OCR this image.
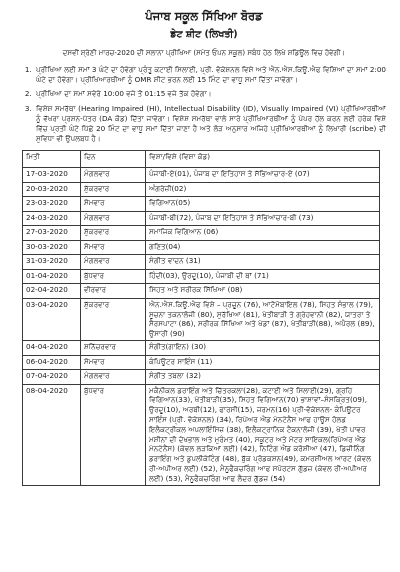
ਪੰਜਾਬ ਸਕੂਲ ਸਿੱਖਿਆ ਬੋਰਡ
ਡੇਟ ਸ਼ੀਟ (ਲਿਖਤੀ)
ਦਸਵੀਂ ਸ਼੍ਰੇਣੀ ਮਾਰਚ-2020 ਦੀ ਸਲਾਨਾ ਪ੍ਰੀਖਿਆ (ਸਮੇਤ ਓਪਨ ਸਕੂਲ) ਸਬੰਧ ਹੇਠ ਲਿਖੇ ਸ਼ਡਿਊਲ ਵਿਚ ਹੋਵੇਗੀ।
1. ਪ੍ਰੀਖਿਆ ਲਈ ਸਮਾਂ 3 ਘੰਟੇ ਦਾ ਹੋਵੇਗਾ ਪ੍ਰੰਤੂ ਕਟਾਈ ਸਿਲਾਈ, ਪ੍ਰੀ. ਵੋਕੇਸ਼ਨਲ ਵਿਸ਼ੇ ਅਤੇ ਐਨ.ਐਸ.ਕਿਊ.ਐਫ ਵਿਸ਼ਿਆਂ ਦਾ ਸਮਾਂ 2:00 ਘੰਟੇ ਦਾ ਹੋਵੇਗਾ। ਪ੍ਰੀਖਿਆਰਥੀਆਂ ਨੂੰ OMR ਸ਼ੀਟ ਭਰਨ ਲਈ 15 ਮਿੰਟ ਦਾ ਵਾਧੂ ਸਮਾਂ ਦਿੱਤਾ ਜਾਵੇਗਾ।
2. ਪ੍ਰੀਖਿਆ ਦਾ ਸਮਾਂ ਸਵੇਰੇ 10:00 ਵਜੇ ਤੋਂ 01:15 ਵਜੇ ਤੱਕ ਹੋਵੇਗਾ।
3. ਵਿਸ਼ੇਸ਼ ਸਮਰੱਥਾ (Hearing Impaired (HI), Intellectual Disability (ID), Visually Impaired (VI) ਪ੍ਰੀਖਿਆਰਥੀਆਂ ਨੂੰ ਵੱਖਰਾ ਪ੍ਰਸ਼ਨ-ਪੱਤਰ (DA ਕੋਡ) ਦਿੱਤਾ ਜਾਵੇਗਾ। ਵਿਸ਼ੇਸ਼ ਸਮਰੱਥਾ ਵਾਲੇ ਸਾਰੇ ਪ੍ਰੀਖਿਆਰਥੀਆਂ ਨੂੰ ਪੇਪਰ ਹੱਲ ਕਰਨ ਲਈ ਹਰੇਕ ਵਿਸ਼ੇ ਵਿੱਚ ਪ੍ਰਤੀ ਘੰਟੇ ਪਿੱਛੇ 20 ਮਿੰਟ ਦਾ ਵਾਧੂ ਸਮਾਂ ਦਿੱਤਾ ਜਾਣਾ ਹੈ ਅਤੇ ਲੋੜ ਅਨੁਸਾਰ ਅਜਿਹੇ ਪ੍ਰੀਖਿਆਰਥੀਆਂ ਨੂੰ ਲਿਖਾਰੀ (scribe) ਦੀ ਸੁਵਿਧਾ ਵੀ ਉਪਲਬਧ ਹੈ।
ਮਿਤੀ	ਦਿਨ	ਵਿਸ਼ਾ/ਵਿਸ਼ੇ (ਵਿਸ਼ਾ ਕੋਡ)
17-03-2020	ਮੰਗਲਵਾਰ	ਪੰਜਾਬੀ-ਏ(01), ਪੰਜਾਬ ਦਾ ਇਤਿਹਾਸ ਤੇ ਸੱਭਿਆਚਾਰ-ਏ (07)
20-03-2020	ਸ਼ੁੱਕਰਵਾਰ	ਅੰਗਰੇਜ਼ੀ(02)
23-03-2020	ਸੋਮਵਾਰ	ਵਿਗਿਆਨ(05)
24-03-2020	ਮੰਗਲਵਾਰ	ਪੰਜਾਬੀ-ਬੀ(72), ਪੰਜਾਬ ਦਾ ਇਤਿਹਾਸ ਤੇ ਸੱਭਿਆਚਾਰ-ਬੀ (73)
27-03-2020	ਸ਼ੁੱਕਰਵਾਰ	ਸਮਾਜਿਕ ਵਿਗਿਆਨ (06)
30-03-2020	ਸੋਮਵਾਰ	ਗਣਿਤ(04)
31-03-2020	ਮੰਗਲਵਾਰ	ਸੰਗੀਤ ਵਾਦਨ (31)
01-04-2020	ਬੁੱਧਵਾਰ	ਹਿੰਦੀ(03), ਉਰਦੂ(10), ਪੰਜਾਬੀ ਦੀ ਥਾਂ (71)
02-04-2020	ਵੀਰਵਾਰ	ਸਿਹਤ ਅਤੇ ਸਰੀਰਕ ਸਿੱਖਿਆ (08)
03-04-2020	ਸ਼ੁੱਕਰਵਾਰ	ਐਨ.ਐਸ.ਕਿਊ.ਐਫ ਵਿਸ਼ੇ – ਪ੍ਰਚੂਨ (76), ਆਟੋਮੋਬਾਇਲ (78), ਸਿਹਤ ਸੰਭਾਲ (79), ਸੂਚਨਾ ਤਕਨਾਲੋਜੀ (80), ਸੁਰੱਖਿਆ (81), ਖੇਤੀਬਾੜੀ ਤੇ ਗ੍ਰੇਹਵਾਨੀ (82), ਯਾਤਰਾ ਤੇ ਸੈਰਸਪਾਟਾ (86), ਸਰੀਰਕ ਸਿੱਖਿਆ ਅਤੇ ਖੇਡਾਂ (87), ਖੇਤੀਬਾੜੀ(88), ਅਪੈਰਲ (89), ਉਸਾਰੀ (90)
04-04-2020	ਸ਼ਨਿੱਚਰਵਾਰ	ਸੰਗੀਤ(ਗਾਇਨ) (30)
06-04-2020	ਸੋਮਵਾਰ	ਕੰਪਿਊਟਰ ਸਾਇੰਸ (11)
07-04-2020	ਮੰਗਲਵਾਰ	ਸੰਗੀਤ ਤਬਲਾ (32)
08-04-2020	ਬੁੱਧਵਾਰ	ਮਕੈਨੀਕਲ ਡਰਾਇੰਗ ਅਤੇ ਚਿੱਤਰਕਲਾ(28), ਕਟਾਈ ਅਤੇ ਸਿਲਾਈ(29), ਗ੍ਰਹਿ ਵਿਗਿਆਨ(33), ਖੇਤੀਬਾੜੀ(35), ਸਿਹਤ ਵਿਗਿਆਨ(70) ਭਾਸ਼ਾਵਾਂ–ਸੰਸਕ੍ਰਿਤ(09), ਉਰਦੂ(10), ਅਰਬੀ(12), ਫਾਰਸੀ(15), ਜਰਮਨ(16) ਪ੍ਰੀ-ਵੋਕੇਸ਼ਨਲ- ਕੰਪਿਊਟਰ ਸਾਇੰਸ (ਪ੍ਰੀ. ਵੋਕੇਸ਼ਨਲ) (34), ਰਿਪੇਅਰ ਐਂਡ ਮੇਨਟੇਨੈਂਸ ਆਫ ਹਾਊਸ ਹੋਲਡ ਇਲੈਕਟ੍ਰੀਕਲ ਅਪਲਾਇੰਸਿਜ਼ (38), ਇਲੈਕਟ੍ਰਾਨਿਕ ਟੈਕਨਾਲੋਜੀ (39), ਖੇਤੀ ਪਾਵਰ ਮਸ਼ੀਨਾਂ ਦੀ ਦੇਖਭਾਲ ਅਤੇ ਮੁਰੰਮਤ (40), ਸਕੂਟਰ ਅਤੇ ਮੋਟਰ ਸਾਇਕਲ(ਰਿਪੇਅਰ ਐਂਡ ਮੇਨਟੇਨੈਂਸ) (ਕੇਵਲ ਲੜਕਿਆਂ ਲਈ) (42), ਨਿਟਿੰਗ ਐਂਡ ਕਰੋਸ਼ੀਆ (47), ਡਿਜ਼ੀਨਿੰਗ ਡਰਾਇੰਗ ਅਤੇ ਡੁਪਲੀਕੇਟਿੰਗ (48), ਬੁੱਕ ਪ੍ਰੋਡਕਸ਼ਨ(49), ਕਮਰਸ਼ੀਅਲ ਆਰਟ (ਕੇਵਲ ਰੀ-ਅਪੀਅਰ ਲਈ) (52), ਮੈਨੂਫੈਕਚਰਿੰਗ ਆਫ ਸਪੋਰਟਸ ਗੁੱਡਜ਼ (ਕੇਵਲ ਰੀ-ਅਪੀਅਰ ਲਈ) (53), ਮੈਨੂਫੈਕਚਰਿੰਗ ਆਫ ਲੈਦਰ ਗੁੱਡਜ਼ (54)
